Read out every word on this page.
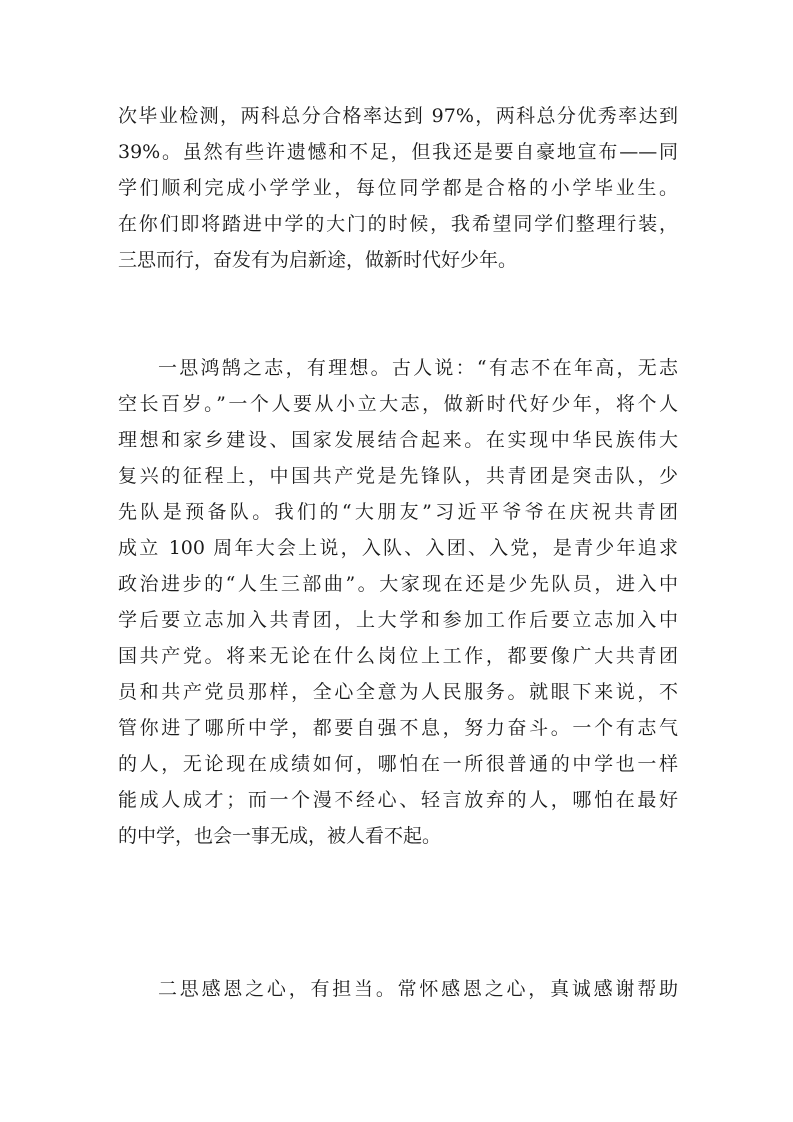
次毕业检测，两科总分合格率达到 97%，两科总分优秀率达到
39%。虽然有些许遗憾和不足，但我还是要自豪地宣布——同
学们顺利完成小学学业，每位同学都是合格的小学毕业生。
在你们即将踏进中学的大门的时候，我希望同学们整理行装，
三思而行，奋发有为启新途，做新时代好少年。

一思鸿鹄之志，有理想。古人说：“有志不在年高，无志
空长百岁。”一个人要从小立大志，做新时代好少年，将个人
理想和家乡建设、国家发展结合起来。在实现中华民族伟大
复兴的征程上，中国共产党是先锋队，共青团是突击队，少
先队是预备队。我们的“大朋友”习近平爷爷在庆祝共青团
成立 100 周年大会上说，入队、入团、入党，是青少年追求
政治进步的“人生三部曲”。大家现在还是少先队员，进入中
学后要立志加入共青团，上大学和参加工作后要立志加入中
国共产党。将来无论在什么岗位上工作，都要像广大共青团
员和共产党员那样，全心全意为人民服务。就眼下来说，不
管你进了哪所中学，都要自强不息，努力奋斗。一个有志气
的人，无论现在成绩如何，哪怕在一所很普通的中学也一样
能成人成才；而一个漫不经心、轻言放弃的人，哪怕在最好
的中学，也会一事无成，被人看不起。

二思感恩之心，有担当。常怀感恩之心，真诚感谢帮助
